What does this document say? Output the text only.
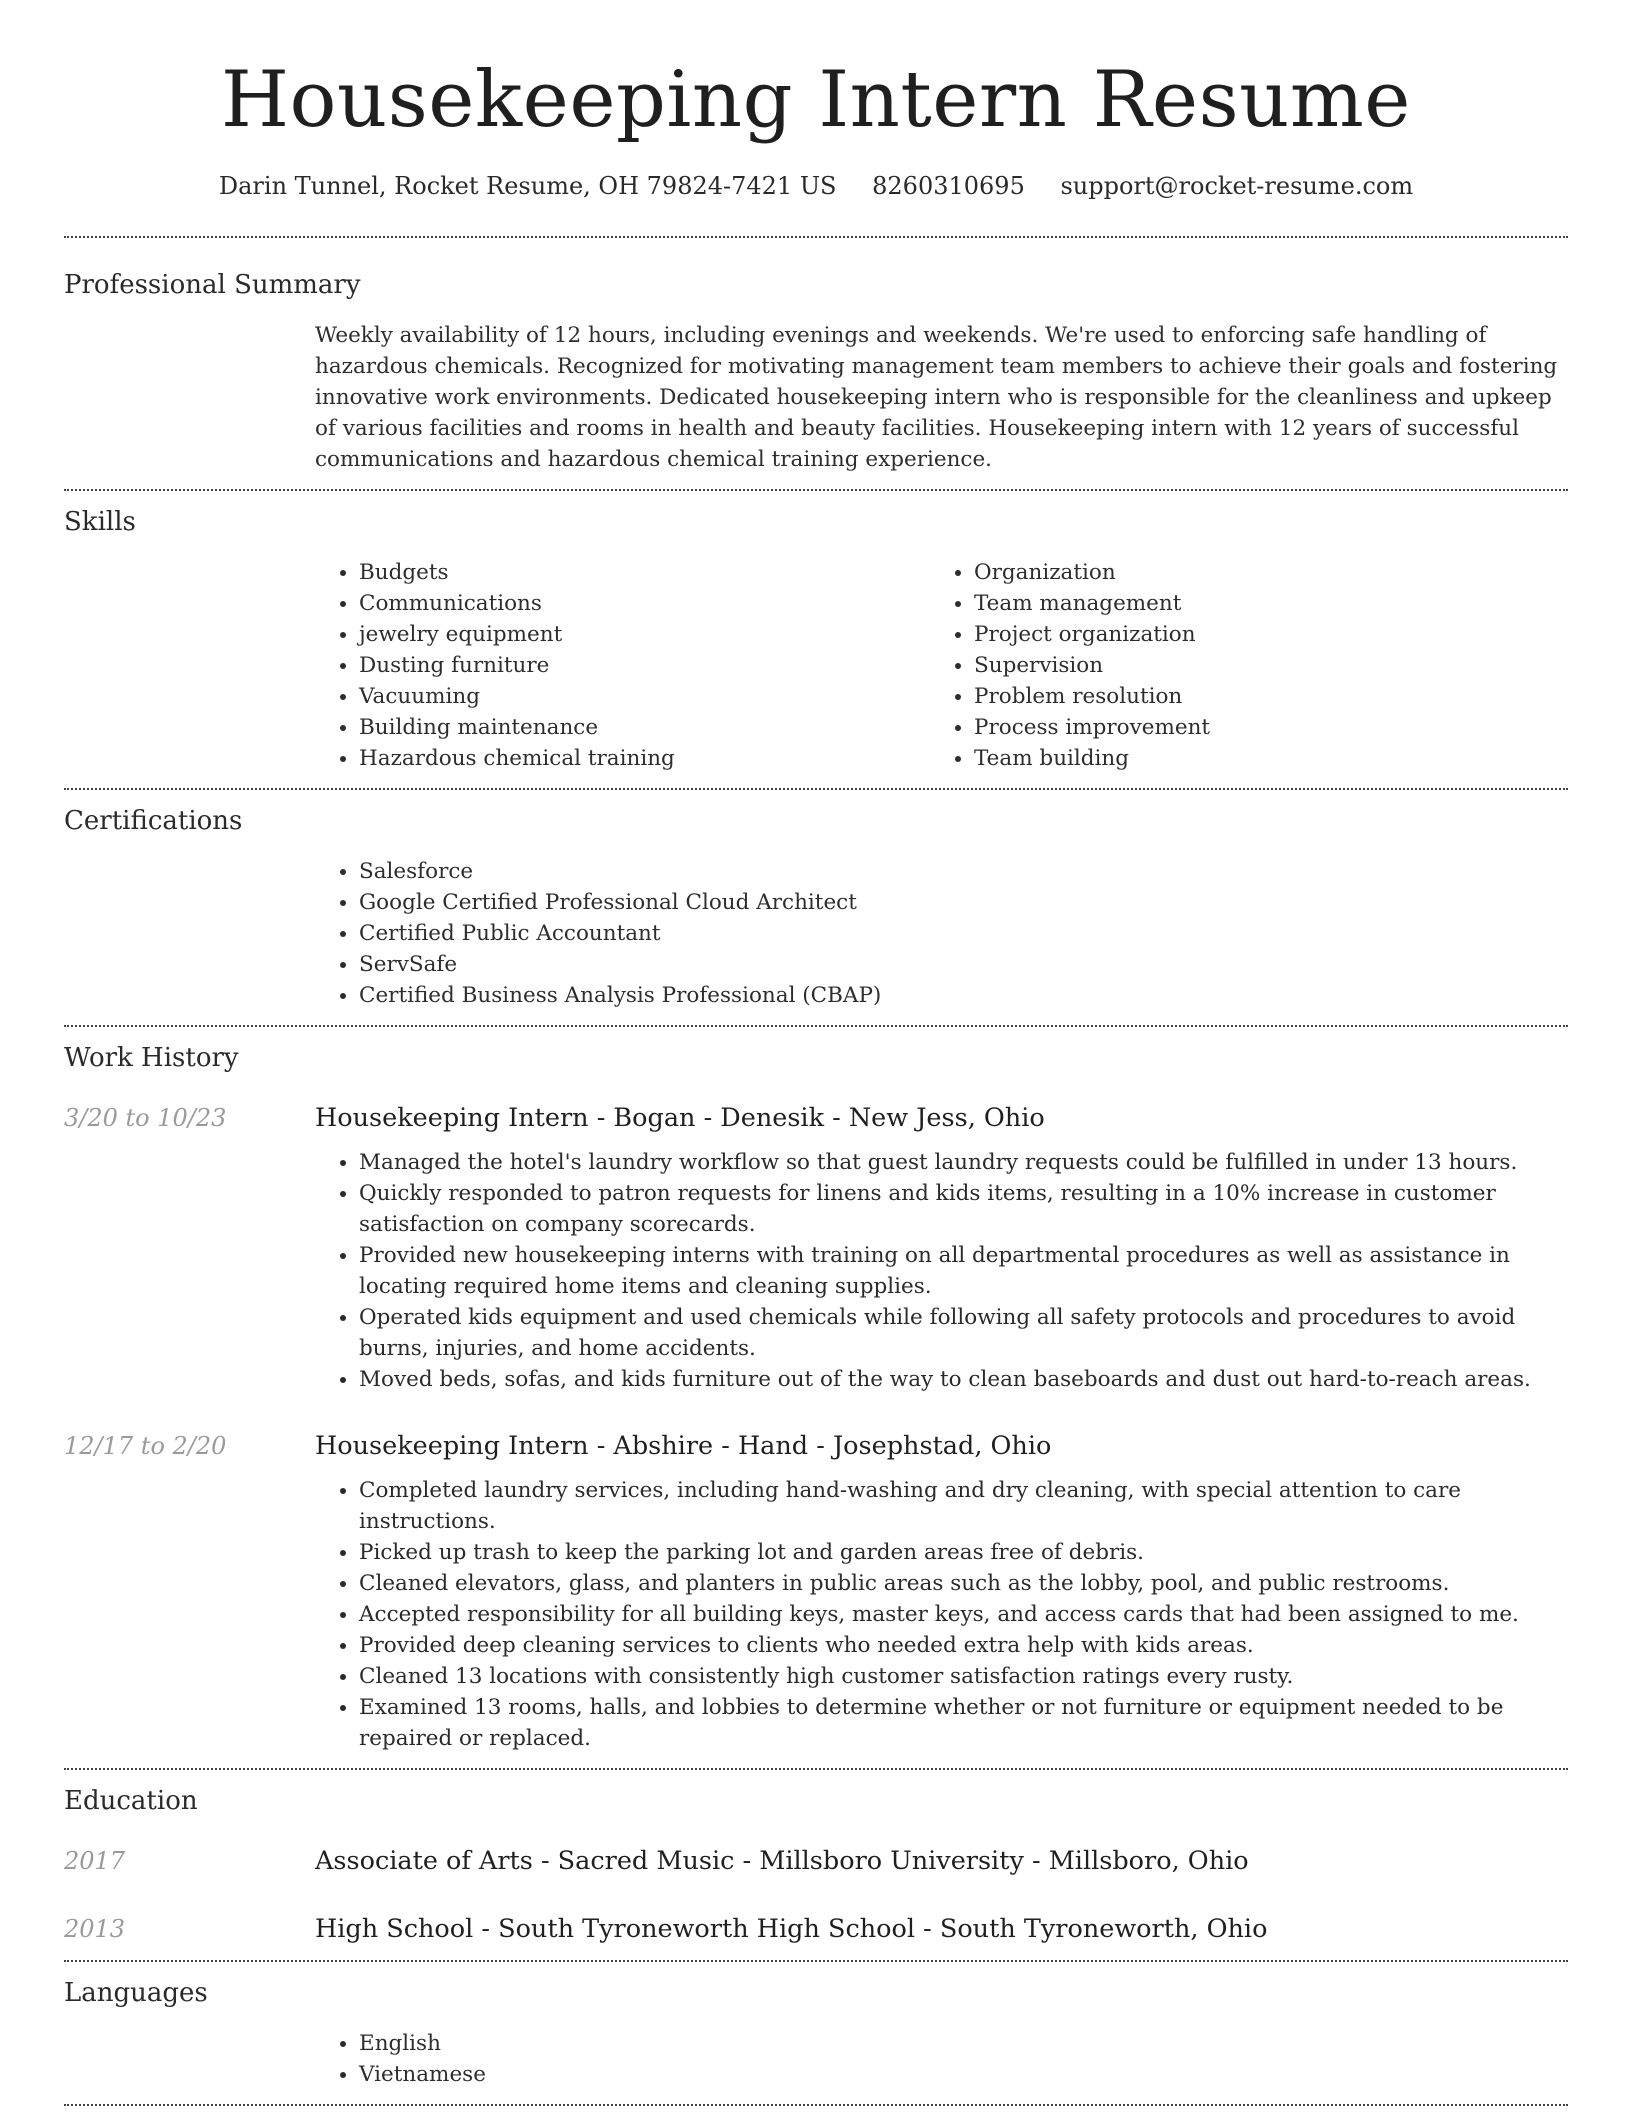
Housekeeping Intern Resume
Darin Tunnel, Rocket Resume, OH 79824-7421 US 8260310695 support@rocket-resume.com
Professional Summary

Weekly availability of 12 hours, including evenings and weekends. We're used to enforcing safe handling of hazardous chemicals. Recognized for motivating management team members to achieve their goals and fostering innovative work environments. Dedicated housekeeping intern who is responsible for the cleanliness and upkeep of various facilities and rooms in health and beauty facilities. Housekeeping intern with 12 years of successful communications and hazardous chemical training experience.

Skills
• Budgets
• Communications
• jewelry equipment
• Dusting furniture
• Vacuuming
• Building maintenance
• Hazardous chemical training
• Organization
• Team management
• Project organization
• Supervision
• Problem resolution
• Process improvement
• Team building
Certifications
• Salesforce
• Google Certified Professional Cloud Architect
• Certified Public Accountant
• ServSafe
• Certified Business Analysis Professional (CBAP)
Work History
3/20 to 10/23	Housekeeping Intern - Bogan - Denesik - New Jess, Ohio
• Managed the hotel's laundry workflow so that guest laundry requests could be fulfilled in under 13 hours.
• Quickly responded to patron requests for linens and kids items, resulting in a 10% increase in customer satisfaction on company scorecards.
• Provided new housekeeping interns with training on all departmental procedures as well as assistance in locating required home items and cleaning supplies.
• Operated kids equipment and used chemicals while following all safety protocols and procedures to avoid burns, injuries, and home accidents.
• Moved beds, sofas, and kids furniture out of the way to clean baseboards and dust out hard-to-reach areas.
12/17 to 2/20	Housekeeping Intern - Abshire - Hand - Josephstad, Ohio
• Completed laundry services, including hand-washing and dry cleaning, with special attention to care instructions.
• Picked up trash to keep the parking lot and garden areas free of debris.
• Cleaned elevators, glass, and planters in public areas such as the lobby, pool, and public restrooms.
• Accepted responsibility for all building keys, master keys, and access cards that had been assigned to me.
• Provided deep cleaning services to clients who needed extra help with kids areas.
• Cleaned 13 locations with consistently high customer satisfaction ratings every rusty.
• Examined 13 rooms, halls, and lobbies to determine whether or not furniture or equipment needed to be repaired or replaced.
Education
2017	Associate of Arts - Sacred Music - Millsboro University - Millsboro, Ohio
2013	High School - South Tyroneworth High School - South Tyroneworth, Ohio
Languages
• English
• Vietnamese
